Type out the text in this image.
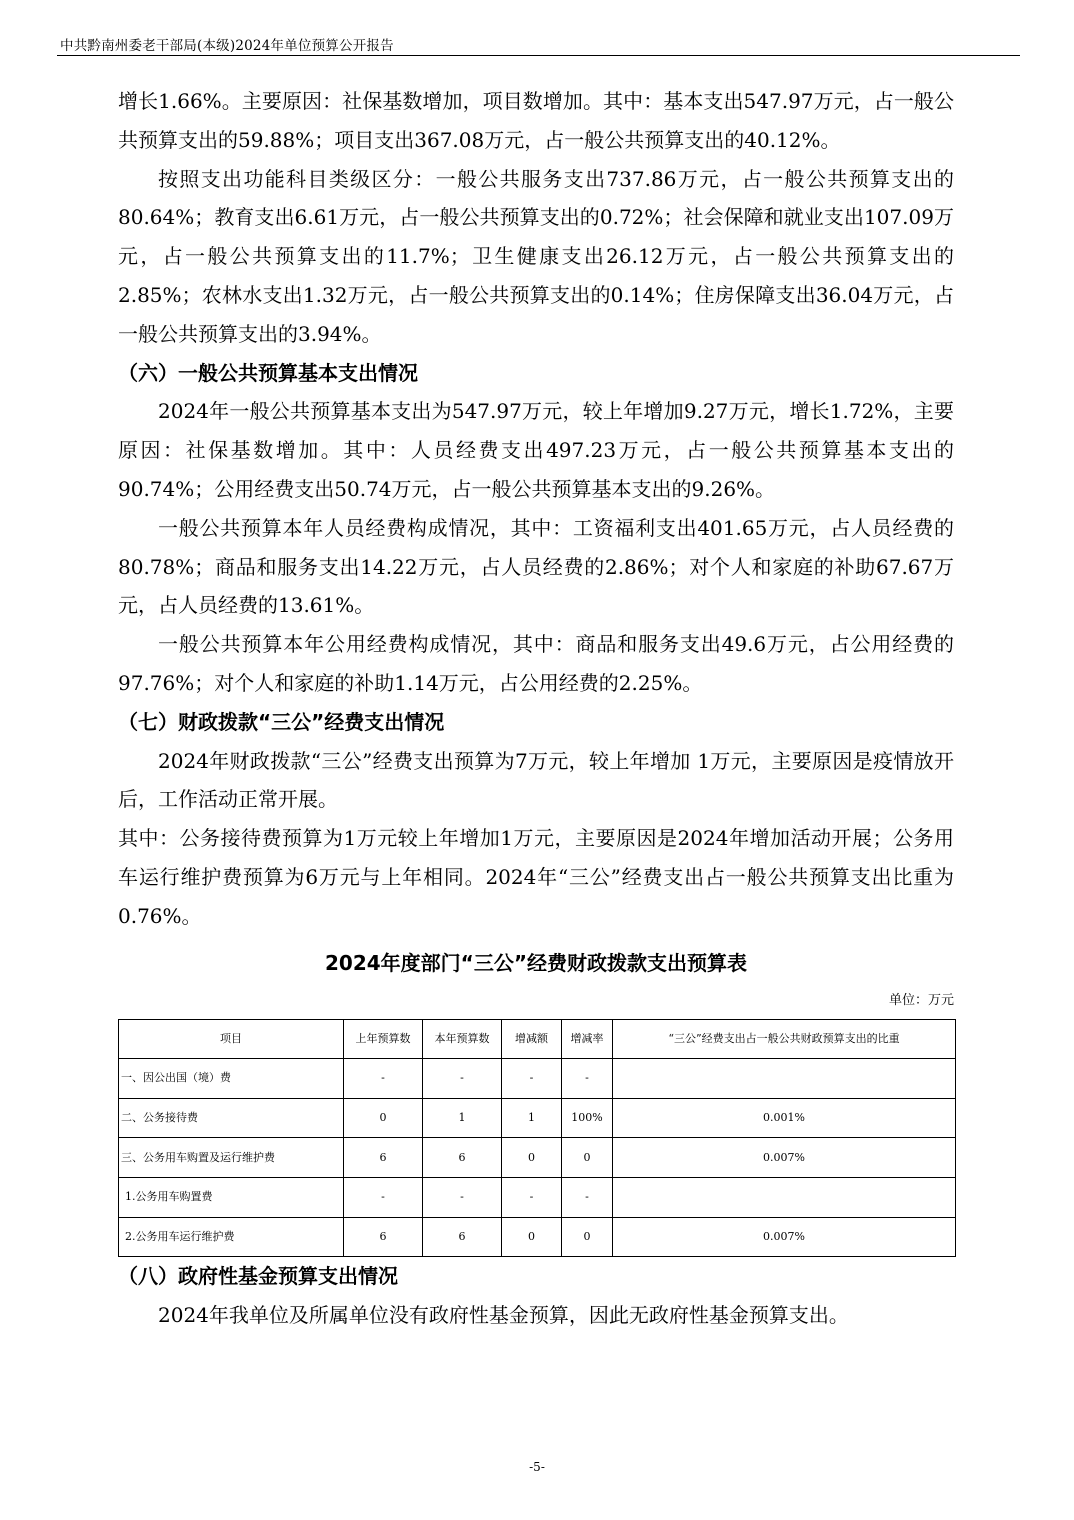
中共黔南州委老干部局(本级)2024年单位预算公开报告

增长1.66%。主要原因：社保基数增加，项目数增加。其中：基本支出547.97万元，占一般公共预算支出的59.88%；项目支出367.08万元，占一般公共预算支出的40.12%。

按照支出功能科目类级区分：一般公共服务支出737.86万元，占一般公共预算支出的80.64%；教育支出6.61万元，占一般公共预算支出的0.72%；社会保障和就业支出107.09万元，占一般公共预算支出的11.7%；卫生健康支出26.12万元，占一般公共预算支出的2.85%；农林水支出1.32万元，占一般公共预算支出的0.14%；住房保障支出36.04万元，占一般公共预算支出的3.94%。

（六）一般公共预算基本支出情况

2024年一般公共预算基本支出为547.97万元，较上年增加9.27万元，增长1.72%，主要原因：社保基数增加。其中：人员经费支出497.23万元，占一般公共预算基本支出的90.74%；公用经费支出50.74万元，占一般公共预算基本支出的9.26%。

一般公共预算本年人员经费构成情况，其中：工资福利支出401.65万元，占人员经费的80.78%；商品和服务支出14.22万元，占人员经费的2.86%；对个人和家庭的补助67.67万元，占人员经费的13.61%。

一般公共预算本年公用经费构成情况，其中：商品和服务支出49.6万元，占公用经费的97.76%；对个人和家庭的补助1.14万元，占公用经费的2.25%。

（七）财政拨款“三公”经费支出情况

2024年财政拨款“三公”经费支出预算为7万元，较上年增加 1万元，主要原因是疫情放开后，工作活动正常开展。

其中：公务接待费预算为1万元较上年增加1万元，主要原因是2024年增加活动开展；公务用车运行维护费预算为6万元与上年相同。2024年“三公”经费支出占一般公共预算支出比重为0.76%。

2024年度部门“三公”经费财政拨款支出预算表
单位：万元
项目	上年预算数	本年预算数	增减额	增减率	“三公”经费支出占一般公共财政预算支出的比重
一、因公出国（境）费	-	-	-	-	
二、公务接待费	0	1	1	100%	0.001%
三、公务用车购置及运行维护费	6	6	0	0	0.007%
1.公务用车购置费	-	-	-	-	
2.公务用车运行维护费	6	6	0	0	0.007%
（八）政府性基金预算支出情况

2024年我单位及所属单位没有政府性基金预算，因此无政府性基金预算支出。

-5-
